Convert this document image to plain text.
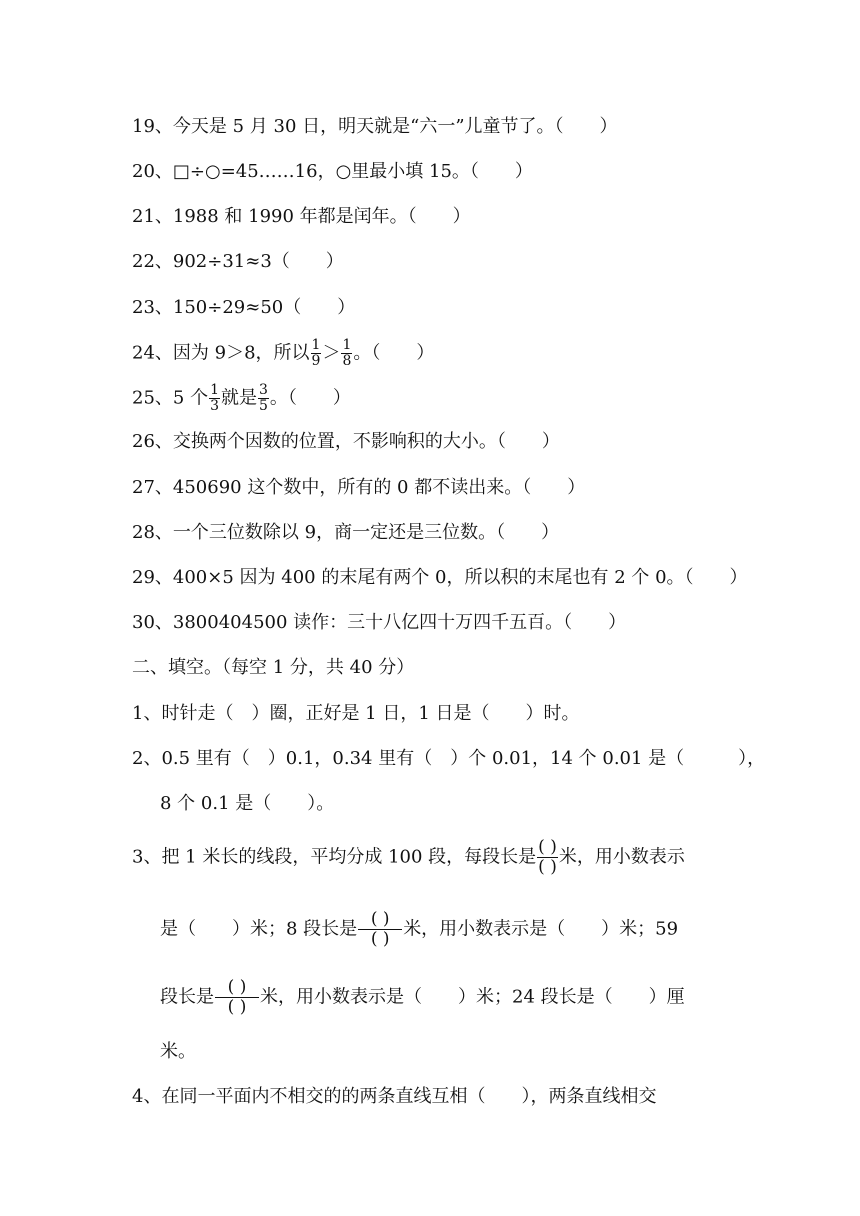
19、今天是 5 月 30 日，明天就是“六一”儿童节了。（　　）
20、□÷○=45……16，○里最小填 15。（　　）
21、1988 和 1990 年都是闰年。（　　）
22、902÷31≈3（　　）
23、150÷29≈50（　　）
24、因为 9＞8，所以 $\frac{1}{9} > \frac{1}{8}$ 。（　　）
25、5 个 $\frac{1}{3}$ 就是 $\frac{3}{5}$ 。（　　）
26、交换两个因数的位置，不影响积的大小。（　　）
27、450690 这个数中，所有的 0 都不读出来。（　　）
28、一个三位数除以 9，商一定还是三位数。（　　）
29、400×5 因为 400 的末尾有两个 0，所以积的末尾也有 2 个 0。（　　）
30、3800404500 读作：三十八亿四十万四千五百。（　　）
二、填空。（每空 1 分，共 40 分）
1、时针走（　）圈，正好是 1 日，1 日是（　　）时。
2、0.5 里有（　）0.1，0.34 里有（　）个 0.01，14 个 0.01 是（　　　），
8 个 0.1 是（　　）。
3、把 1 米长的线段，平均分成 100 段，每段长是 $\frac{( )}{( )}$ 米，用小数表示
是（　　）米；8 段长是 $\frac{( )}{( )}$ 米，用小数表示是（　　）米；59
段长是 $\frac{( )}{( )}$ 米，用小数表示是（　　）米；24 段长是（　　）厘
米。
4、在同一平面内不相交的的两条直线互相（　　），两条直线相交
